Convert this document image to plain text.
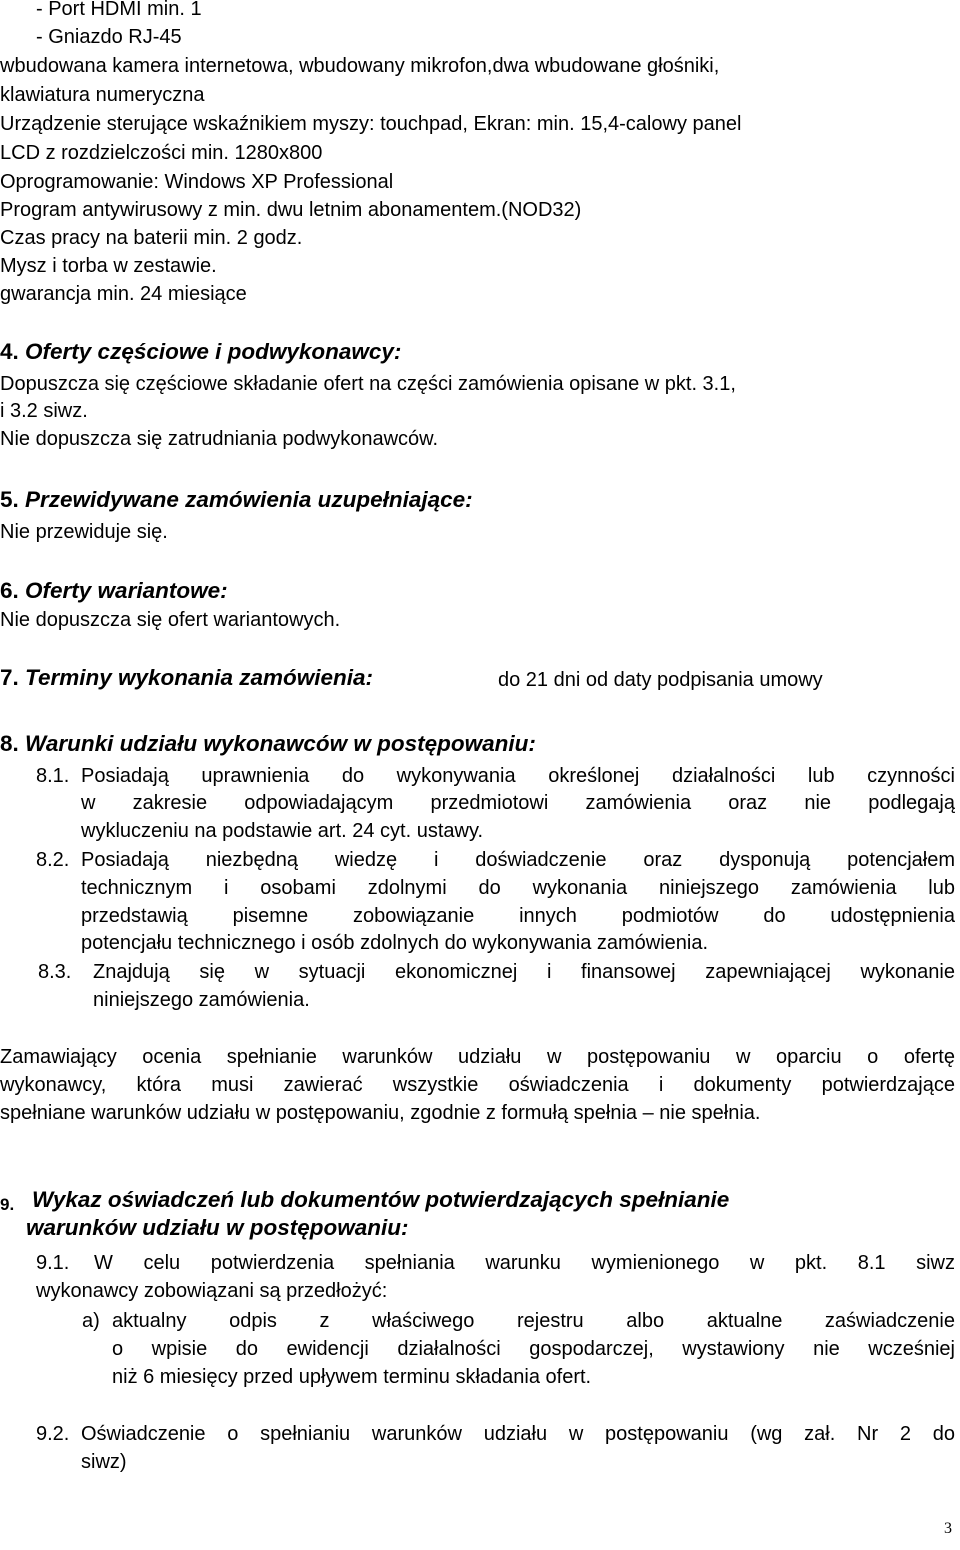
- Port HDMI min. 1
- Gniazdo RJ-45
wbudowana kamera internetowa, wbudowany mikrofon,dwa wbudowane głośniki,
klawiatura numeryczna
Urządzenie sterujące wskaźnikiem myszy: touchpad, Ekran: min. 15,4-calowy panel
LCD z rozdzielczości min. 1280x800
Oprogramowanie: Windows XP Professional
Program antywirusowy z min. dwu letnim abonamentem.(NOD32)
Czas pracy na baterii min. 2 godz.
Mysz i torba w zestawie.
gwarancja min. 24 miesiące
4. Oferty częściowe i podwykonawcy:
Dopuszcza się częściowe składanie ofert na części zamówienia opisane w pkt. 3.1,
i 3.2 siwz.
Nie dopuszcza się zatrudniania podwykonawców.
5. Przewidywane zamówienia uzupełniające:
Nie przewiduje się.
6. Oferty wariantowe:
Nie dopuszcza się ofert wariantowych.
7. Terminy wykonania zamówienia:	do 21 dni od daty podpisania umowy
8. Warunki udziału wykonawców w postępowaniu:
8.1. Posiadają uprawnienia do wykonywania określonej działalności lub czynności
w zakresie odpowiadającym przedmiotowi zamówienia oraz nie podlegają
wykluczeniu na podstawie art. 24 cyt. ustawy.
8.2. Posiadają niezbędną wiedzę i doświadczenie oraz dysponują potencjałem
technicznym i osobami zdolnymi do wykonania niniejszego zamówienia lub
przedstawią pisemne zobowiązanie innych podmiotów do udostępnienia
potencjału technicznego i osób zdolnych do wykonywania zamówienia.
8.3. Znajdują się w sytuacji ekonomicznej i finansowej zapewniającej wykonanie
niniejszego zamówienia.
Zamawiający ocenia spełnianie warunków udziału w postępowaniu w oparciu o ofertę
wykonawcy, która musi zawierać wszystkie oświadczenia i dokumenty potwierdzające
spełniane warunków udziału w postępowaniu, zgodnie z formułą spełnia – nie spełnia.
9. Wykaz oświadczeń lub dokumentów potwierdzających spełnianie
warunków udziału w postępowaniu:
9.1. W celu potwierdzenia spełniania warunku wymienionego w pkt. 8.1 siwz
wykonawcy zobowiązani są przedłożyć:
a) aktualny odpis z właściwego rejestru albo aktualne zaświadczenie
o wpisie do ewidencji działalności gospodarczej, wystawiony nie wcześniej
niż 6 miesięcy przed upływem terminu składania ofert.
9.2. Oświadczenie o spełnianiu warunków udziału w postępowaniu (wg zał. Nr 2 do
siwz)
3
